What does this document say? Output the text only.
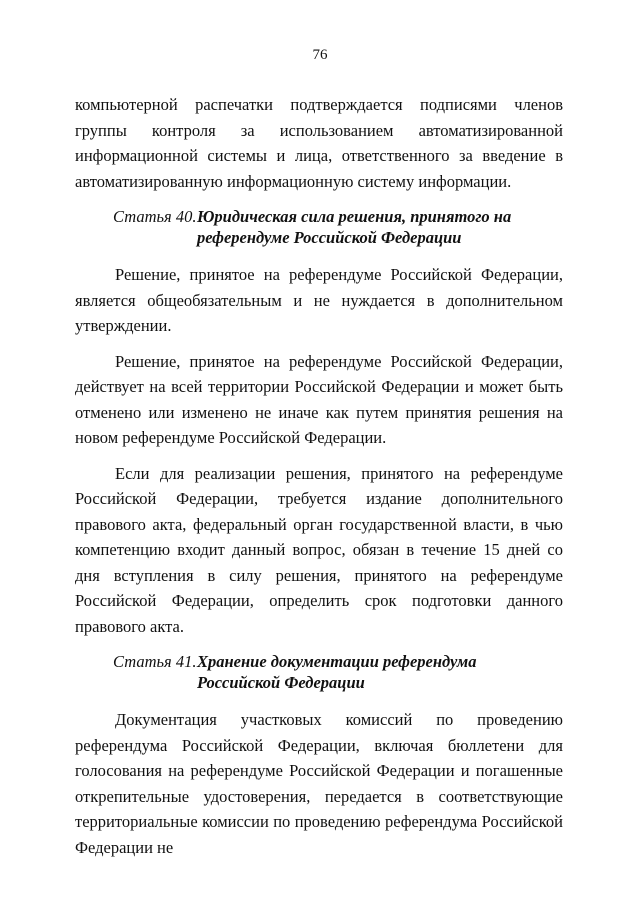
76

компьютерной распечатки подтверждается подписями членов группы контроля за использованием автоматизированной информационной системы и лица, ответственного за введение в автоматизированную информационную систему информации.

Статья 40. Юридическая сила решения, принятого на референдуме Российской Федерации

Решение, принятое на референдуме Российской Федерации, является общеобязательным и не нуждается в дополнительном утверждении.

Решение, принятое на референдуме Российской Федерации, действует на всей территории Российской Федерации и может быть отменено или изменено не иначе как путем принятия решения на новом референдуме Российской Федерации.

Если для реализации решения, принятого на референдуме Российской Федерации, требуется издание дополнительного правового акта, федеральный орган государственной власти, в чью компетенцию входит данный вопрос, обязан в течение 15 дней со дня вступления в силу решения, принятого на референдуме Российской Федерации, определить срок подготовки данного правового акта.

Статья 41. Хранение документации референдума Российской Федерации

Документация участковых комиссий по проведению референдума Российской Федерации, включая бюллетени для голосования на референдуме Российской Федерации и погашенные открепительные удостоверения, передается в соответствующие территориальные комиссии по проведению референдума Российской Федерации не
